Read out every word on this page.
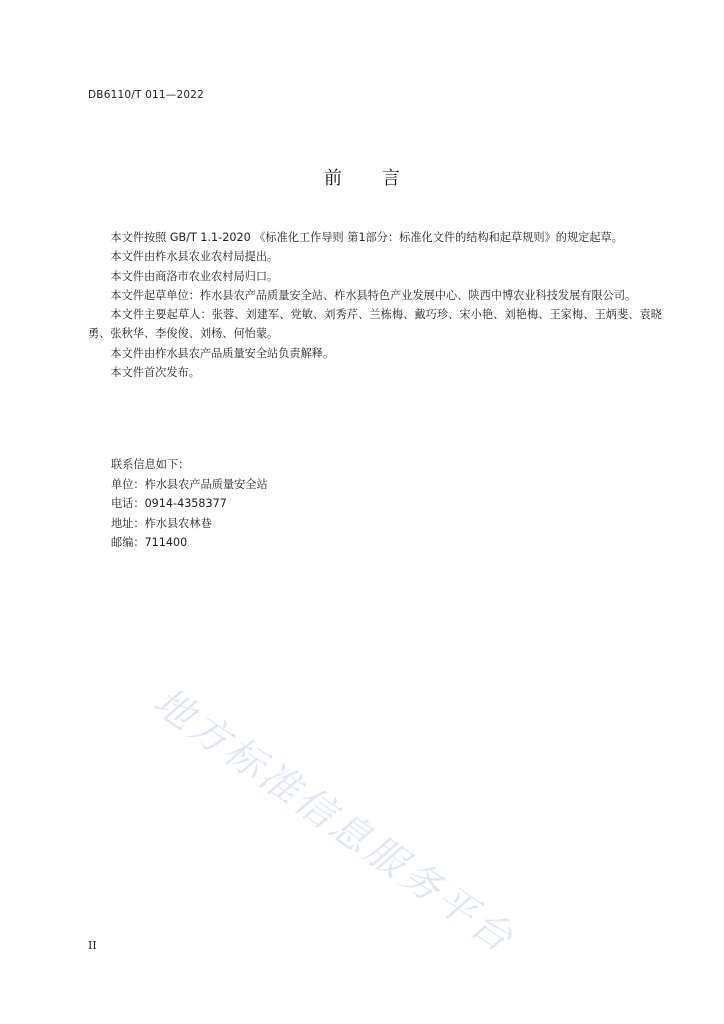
DB6110/T 011—2022
前 言

本文件按照 GB/T 1.1-2020 《标准化工作导则 第1部分：标准化文件的结构和起草规则》的规定起草。

本文件由柞水县农业农村局提出。

本文件由商洛市农业农村局归口。

本文件起草单位：柞水县农产品质量安全站、柞水县特色产业发展中心、陕西中博农业科技发展有限公司。

本文件主要起草人：张蓉、刘建军、党敏、刘秀芹、兰栋梅、戴巧珍、宋小艳、刘艳梅、王家梅、王炳斐、袁晓勇、张秋华、李俊俊、刘杨、何怡蒙。

本文件由柞水县农产品质量安全站负责解释。

本文件首次发布。

联系信息如下：
单位：柞水县农产品质量安全站
电话：0914-4358377
地址：柞水县农林巷
邮编：711400
地方标准信息服务平台
II
